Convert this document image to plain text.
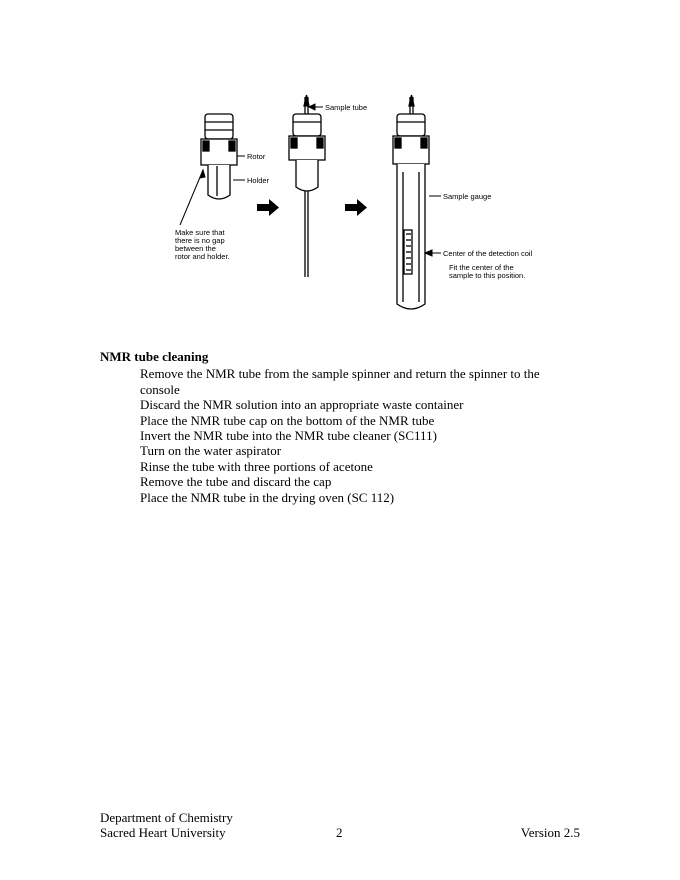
Sample tube
Rotor
Holder
Sample gauge
Make sure that
there is no gap
between the
rotor and holder.	Center of the detection coil
Fit the center of the
sample to this position.
NMR tube cleaning
Remove the NMR tube from the sample spinner and return the spinner to the console
Discard the NMR solution into an appropriate waste container
Place the NMR tube cap on the bottom of the NMR tube
Invert the NMR tube into the NMR tube cleaner (SC111)
Turn on the water aspirator
Rinse the tube with three portions of acetone
Remove the tube and discard the cap
Place the NMR tube in the drying oven (SC 112)
Department of Chemistry
Sacred Heart University	Version 2.5
2
